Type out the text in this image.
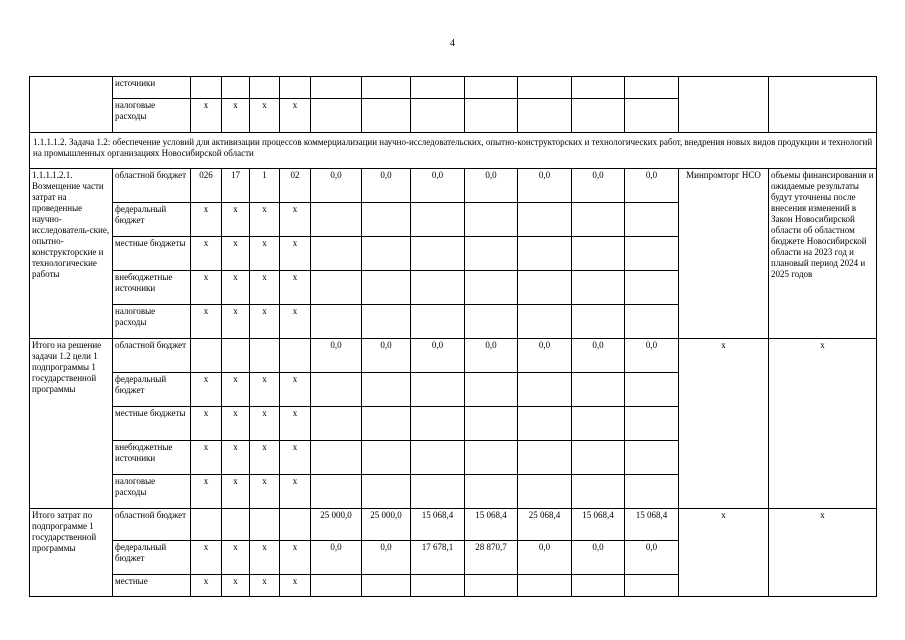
4
	источники													
	налоговые расходы	x	x	x	x									
1.1.1.1.2. Задача 1.2: обеспечение условий для активизации процессов коммерциализации научно-исследовательских, опытно-конструкторских и технологических работ, внедрения новых видов продукции и технологий на промышленных организациях Новосибирской области														
1.1.1.1.2.1. Возмещение части затрат на проведенные научно-исследователь-ские, опытно-конструкторские и технологические работы	областной бюджет	026	17	1	02	0,0	0,0	0,0	0,0	0,0	0,0	0,0	Минпромторг НСО	объемы финансирования и ожидаемые результаты будут уточнены после внесения изменений в Закон Новосибирской области об областном бюджете Новосибирской области на 2023 год и плановый период 2024 и 2025 годов
	федеральный бюджет	x	x	x	x									
	местные бюджеты	x	x	x	x									
	внебюджетные источники	x	x	x	x									
	налоговые расходы	x	x	x	x									
Итого на решение задачи 1.2 цели 1 подпрограммы 1 государственной программы	областной бюджет					0,0	0,0	0,0	0,0	0,0	0,0	0,0	x	x
	федеральный бюджет	x	x	x	x									
	местные бюджеты	x	x	x	x									
	внебюджетные источники	x	x	x	x									
	налоговые расходы	x	x	x	x									
Итого затрат по подпрограмме 1 государственной программы	областной бюджет					25 000,0	25 000,0	15 068,4	15 068,4	25 068,4	15 068,4	15 068,4	x	x
	федеральный бюджет	x	x	x	x	0,0	0,0	17 678,1	28 870,7	0,0	0,0	0,0		
	местные	x	x	x	x									
